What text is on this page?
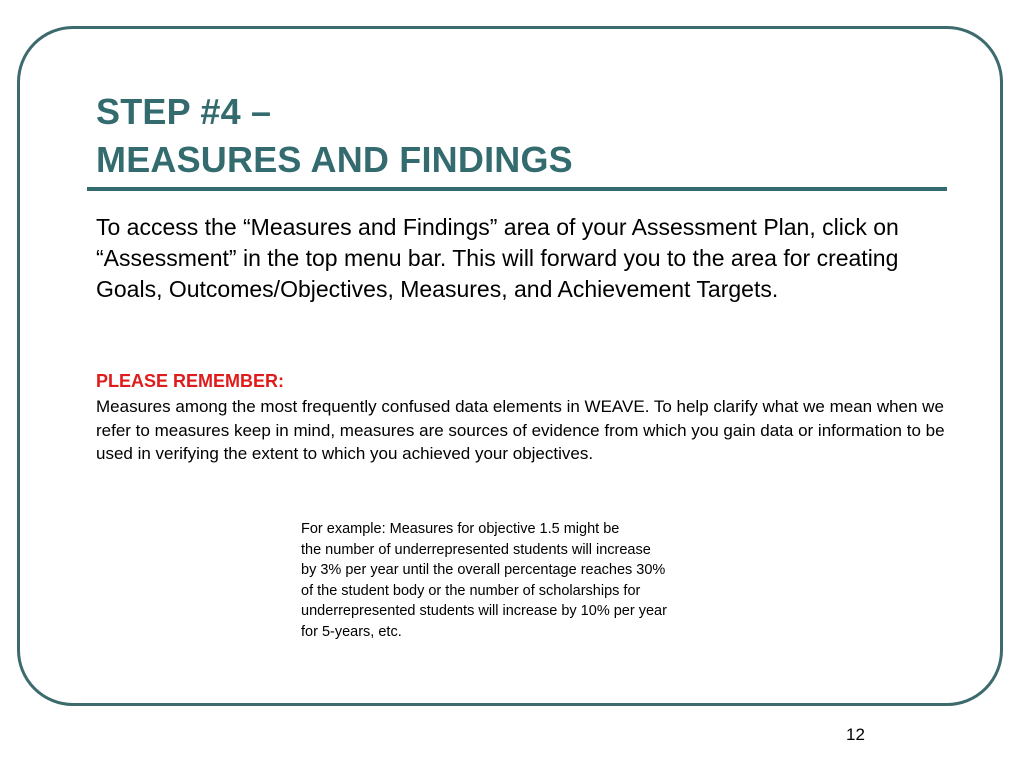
STEP #4 –
MEASURES AND FINDINGS

To access the “Measures and Findings” area of your Assessment Plan, click on “Assessment” in the top menu bar. This will forward you to the area for creating Goals, Outcomes/Objectives, Measures, and Achievement Targets.

PLEASE REMEMBER:

Measures among the most frequently confused data elements in WEAVE. To help clarify what we mean when we refer to measures keep in mind, measures are sources of evidence from which you gain data or information to be used in verifying the extent to which you achieved your objectives.

For example: Measures for objective 1.5 might be
the number of underrepresented students will increase
by 3% per year until the overall percentage reaches 30%
of the student body or the number of scholarships for
underrepresented students will increase by 10% per year
for 5-years, etc.

12
